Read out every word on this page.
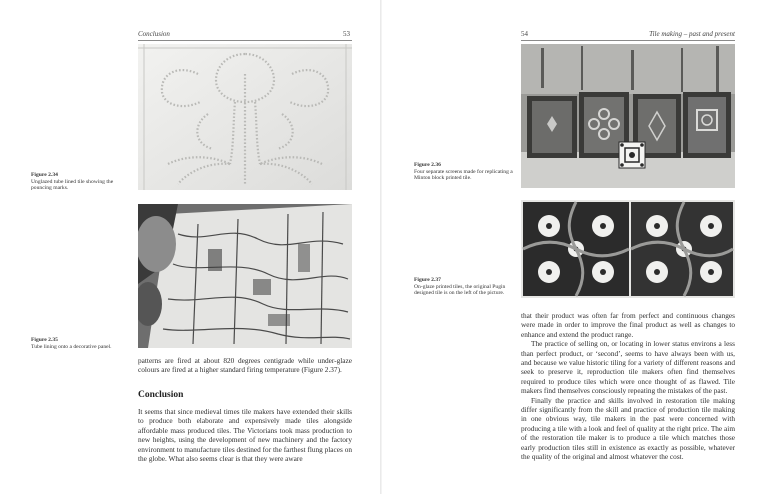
Conclusion	53
Figure 2.34
Unglazed tube lined tile showing the pouncing marks.
Figure 2.35
Tube lining onto a decorative panel.

patterns are fired at about 820 degrees centigrade while under-glaze colours are fired at a higher standard firing temperature (Figure 2.37).

Conclusion

It seems that since medieval times tile makers have extended their skills to produce both elaborate and expensively made tiles alongside affordable mass produced tiles. The Victorians took mass production to new heights, using the development of new machinery and the factory environment to manufacture tiles destined for the farthest flung places on the globe. What also seems clear is that they were aware

54	Tile making – past and present
Figure 2.36
Four separate screens made for replicating a Minton block printed tile.
Figure 2.37
On-glaze printed tiles, the original Pugin designed tile is on the left of the picture.

that their product was often far from perfect and continuous changes were made in order to improve the final product as well as changes to enhance and extend the product range.

The practice of selling on, or locating in lower status environs a less than perfect product, or ‘second’, seems to have always been with us, and because we value historic tiling for a variety of different reasons and seek to preserve it, reproduction tile makers often find themselves required to produce tiles which were once thought of as flawed. Tile makers find themselves consciously repeating the mistakes of the past.

Finally the practice and skills involved in restoration tile making differ significantly from the skill and practice of production tile making in one obvious way, tile makers in the past were concerned with producing a tile with a look and feel of quality at the right price. The aim of the restoration tile maker is to produce a tile which matches those early production tiles still in existence as exactly as possible, whatever the quality of the original and almost whatever the cost.
